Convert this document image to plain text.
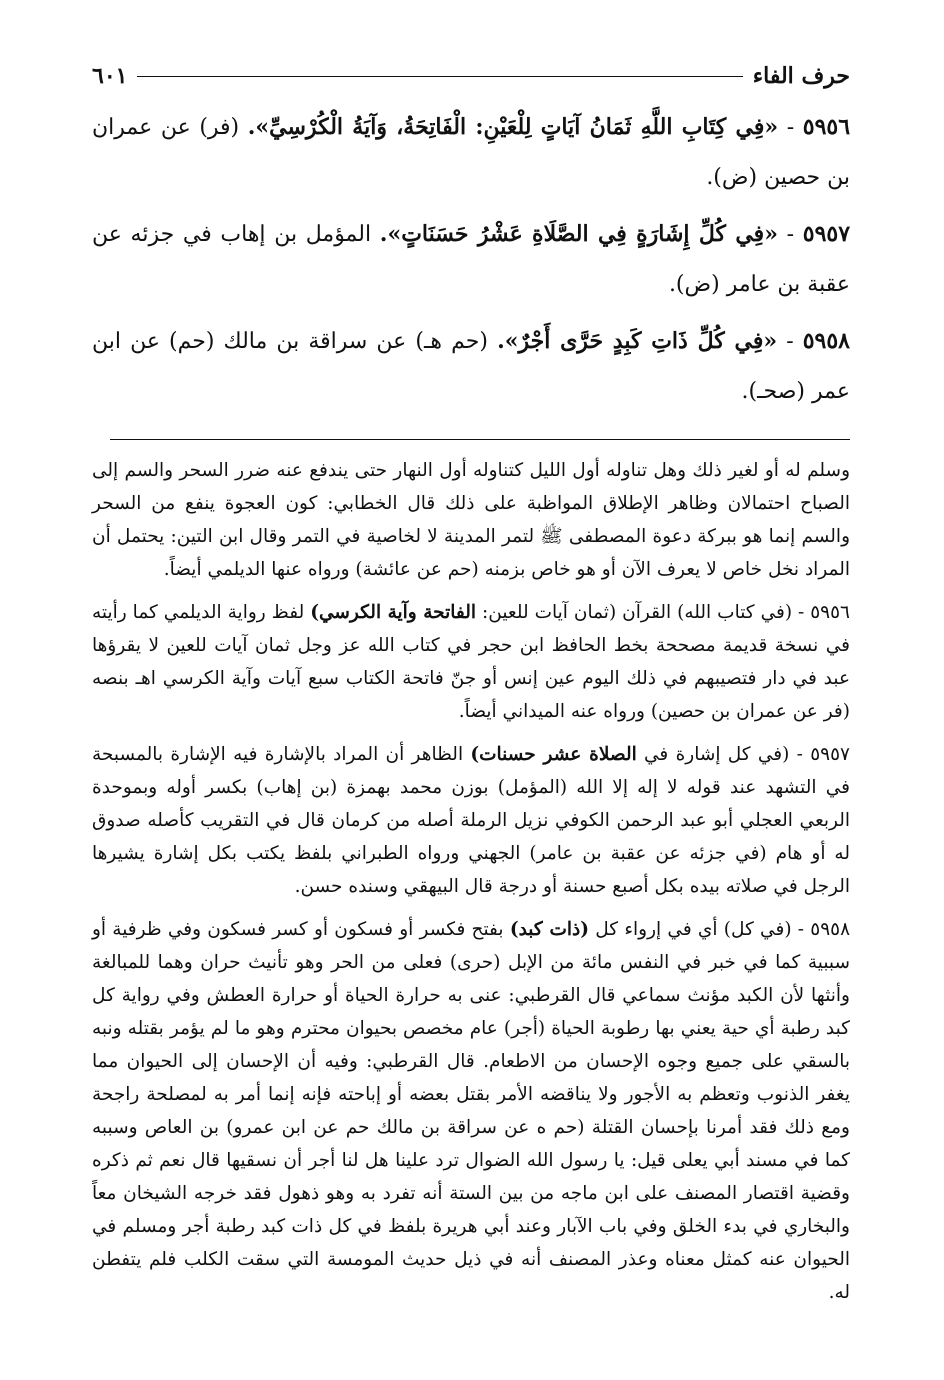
حرف الفاء
٦٠١

٥٩٥٦ - «فِي كِتَابِ اللَّهِ ثَمَانُ آيَاتٍ لِلْعَيْنِ: الْفَاتِحَةُ، وَآيَةُ الْكُرْسِيِّ». (فر) عن عمران بن حصين (ض).

٥٩٥٧ - «فِي كُلِّ إِشَارَةٍ فِي الصَّلَاةِ عَشْرُ حَسَنَاتٍ». المؤمل بن إهاب في جزئه عن عقبة بن عامر (ض).

٥٩٥٨ - «فِي كُلِّ ذَاتِ كَبِدٍ حَرَّى أَجْرٌ». (حم هـ) عن سراقة بن مالك (حم) عن ابن عمر (صحـ).

وسلم له أو لغير ذلك وهل تناوله أول الليل كتناوله أول النهار حتى يندفع عنه ضرر السحر والسم إلى الصباح احتمالان وظاهر الإطلاق المواظبة على ذلك قال الخطابي: كون العجوة ينفع من السحر والسم إنما هو ببركة دعوة المصطفى ﷺ لتمر المدينة لا لخاصية في التمر وقال ابن التين: يحتمل أن المراد نخل خاص لا يعرف الآن أو هو خاص بزمنه (حم عن عائشة) ورواه عنها الديلمي أيضاً.

٥٩٥٦ - (في كتاب الله) القرآن (ثمان آيات للعين: الفاتحة وآية الكرسي) لفظ رواية الديلمي كما رأيته في نسخة قديمة مصححة بخط الحافظ ابن حجر في كتاب الله عز وجل ثمان آيات للعين لا يقرؤها عبد في دار فتصيبهم في ذلك اليوم عين إنس أو جنّ فاتحة الكتاب سبع آيات وآية الكرسي اهـ بنصه (فر عن عمران بن حصين) ورواه عنه الميداني أيضاً.

٥٩٥٧ - (في كل إشارة في الصلاة عشر حسنات) الظاهر أن المراد بالإشارة فيه الإشارة بالمسبحة في التشهد عند قوله لا إله إلا الله (المؤمل) بوزن محمد بهمزة (بن إهاب) بكسر أوله وبموحدة الربعي العجلي أبو عبد الرحمن الكوفي نزيل الرملة أصله من كرمان قال في التقريب كأصله صدوق له أو هام (في جزئه عن عقبة بن عامر) الجهني ورواه الطبراني بلفظ يكتب بكل إشارة يشيرها الرجل في صلاته بيده بكل أصبع حسنة أو درجة قال البيهقي وسنده حسن.

٥٩٥٨ - (في كل) أي في إرواء كل (ذات كبد) بفتح فكسر أو فسكون أو كسر فسكون وفي ظرفية أو سببية كما في خبر في النفس مائة من الإبل (حرى) فعلى من الحر وهو تأنيث حران وهما للمبالغة وأنثها لأن الكبد مؤنث سماعي قال القرطبي: عنى به حرارة الحياة أو حرارة العطش وفي رواية كل كبد رطبة أي حية يعني بها رطوبة الحياة (أجر) عام مخصص بحيوان محترم وهو ما لم يؤمر بقتله ونبه بالسقي على جميع وجوه الإحسان من الاطعام. قال القرطبي: وفيه أن الإحسان إلى الحيوان مما يغفر الذنوب وتعظم به الأجور ولا يناقضه الأمر بقتل بعضه أو إباحته فإنه إنما أمر به لمصلحة راجحة ومع ذلك فقد أمرنا بإحسان القتلة (حم ه عن سراقة بن مالك حم عن ابن عمرو) بن العاص وسببه كما في مسند أبي يعلى قيل: يا رسول الله الضوال ترد علينا هل لنا أجر أن نسقيها قال نعم ثم ذكره وقضية اقتصار المصنف على ابن ماجه من بين الستة أنه تفرد به وهو ذهول فقد خرجه الشيخان معاً والبخاري في بدء الخلق وفي باب الآبار وعند أبي هريرة بلفظ في كل ذات كبد رطبة أجر ومسلم في الحيوان عنه كمثل معناه وعذر المصنف أنه في ذيل حديث المومسة التي سقت الكلب فلم يتفطن له.
